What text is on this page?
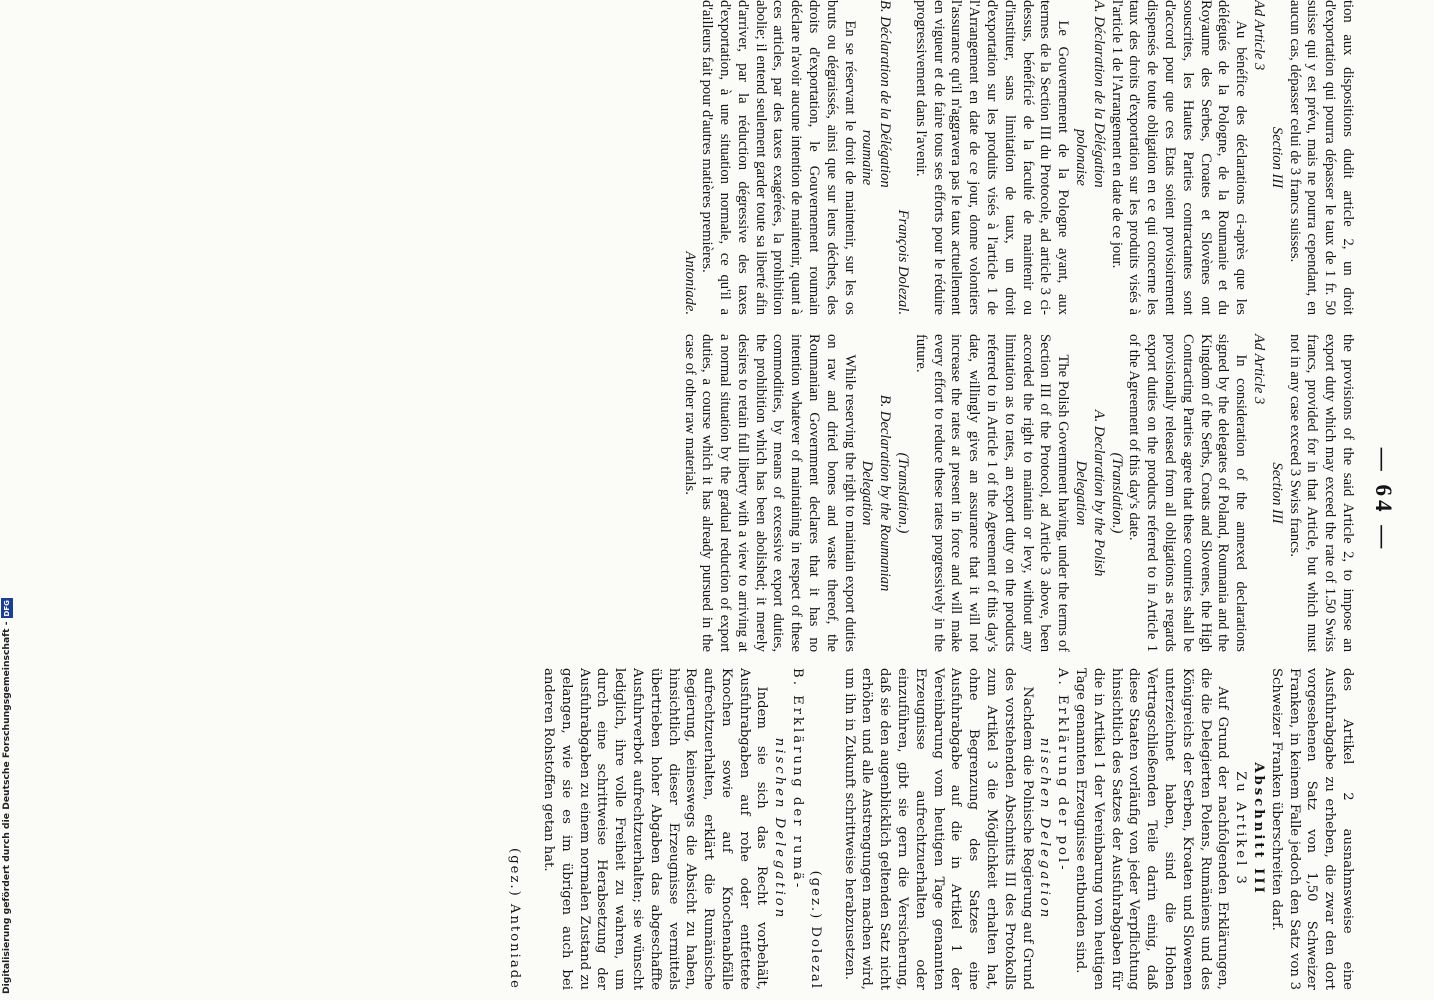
— 64 —

tion aux dispositions dudit article 2, un droit d'exportation qui pourra dépasser le taux de 1 fr. 50 suisse qui y est prévu, mais ne pourra cependant, en aucun cas, dépasser celui de 3 francs suisses.

Section III

Ad Article 3

Au bénéfice des déclarations ci-après que les délégués de la Pologne, de la Roumanie et du Royaume des Serbes, Croates et Slovènes ont souscrites, les Hautes Parties contractantes sont d'accord pour que ces Etats soient provisoirement dispensés de toute obligation en ce qui concerne les taux des droits d'exportation sur les produits visés à l'article 1 de l'Arrangement en date de ce jour.

A. Déclaration de la Délégation

polonaise

Le Gouvernement de la Pologne ayant, aux termes de la Section III du Protocole, ad article 3 ci-dessus, bénéficié de la faculté de maintenir ou d'instituer, sans limitation de taux, un droit d'exportation sur les produits visés à l'article 1 de l'Arrangement en date de ce jour, donne volontiers l'assurance qu'il n'aggravera pas le taux actuellement en vigueur et de faire tous ses efforts pour le réduire progressivement dans l'avenir.

François Dolezal.

B. Déclaration de la Délégation

roumaine

En se réservant le droit de maintenir, sur les os bruts ou dégraissés, ainsi que sur leurs déchets, des droits d'exportation, le Gouvernement roumain déclare n'avoir aucune intention de maintenir, quant à ces articles, par des taxes exagérées, la prohibition abolie; il entend seulement garder toute sa liberté afin d'arriver, par la réduction dégressive des taxes d'exportation, à une situation normale, ce qu'il a d'ailleurs fait pour d'autres matières premières.

Antoniade.

the provisions of the said Article 2, to impose an export duty which may exceed the rate of 1.50 Swiss francs, provided for in that Article, but which must not in any case exceed 3 Swiss francs.

Section III

Ad Article 3

In consideration of the annexed declarations signed by the delegates of Poland, Roumania and the Kingdom of the Serbs, Croats and Slovenes, the High Contracting Parties agree that these countries shall be provisionally released from all obligations as regards export duties on the products referred to in Article 1 of the Agreement of this day's date.

(Translation.)

A. Declaration by the Polish

Delegation

The Polish Government having, under the terms of Section III of the Protocol, ad Article 3 above, been accorded the right to maintain or levy, without any limitation as to rates, an export duty on the products referred to in Article 1 of the Agreement of this day's date, willingly gives an assurance that it will not increase the rates at present in force and will make every effort to reduce these rates progressively in the future.

(Translation.)

B. Declaration by the Roumanian

Delegation

While reserving the right to maintain export duties on raw and dried bones and waste thereof, the Roumanian Government declares that it has no intention whatever of maintaining in respect of these commodities, by means of excessive export duties, the prohibition which has been abolished; it merely desires to retain full liberty with a view to arriving at a normal situation by the gradual reduction of export duties, a course which it has already pursued in the case of other raw materials.

des Artikel 2 ausnahmsweise eine Ausfuhrabgabe zu erheben, die zwar den dort vorgesehenen Satz von 1,50 Schweizer Franken, in keinem Falle jedoch den Satz von 3 Schweizer Franken überschreiten darf.

Abschnitt III

Zu Artikel 3

Auf Grund der nachfolgenden Erklärungen, die die Delegierten Polens, Rumäniens und des Königreichs der Serben, Kroaten und Slowenen unterzeichnet haben, sind die Hohen Vertragschließenden Teile darin einig, daß diese Staaten vorläufig von jeder Verpflichtung hinsichtlich des Satzes der Ausfuhrabgaben für die in Artikel 1 der Vereinbarung vom heutigen Tage genannten Erzeugnisse entbunden sind.

A. Erklärung der pol-

nischen Delegation

Nachdem die Polnische Regierung auf Grund des vorstehenden Abschnitts III des Protokolls zum Artikel 3 die Möglichkeit erhalten hat, ohne Begrenzung des Satzes eine Ausfuhrabgabe auf die in Artikel 1 der Vereinbarung vom heutigen Tage genannten Erzeugnisse aufrechtzuerhalten oder einzuführen, gibt sie gern die Versicherung, daß sie den augenblicklich geltenden Satz nicht erhöhen und alle Anstrengungen machen wird, um ihn in Zukunft schrittweise herabzusetzen.

(gez.) Dolezal

B. Erklärung der rumä-

nischen Delegation

Indem sie sich das Recht vorbehält, Ausfuhrabgaben auf rohe oder entfettete Knochen sowie auf Knochenabfälle aufrechtzuerhalten, erklärt die Rumänische Regierung, keineswegs die Absicht zu haben, hinsichtlich dieser Erzeugnisse vermittels übertrieben hoher Abgaben das abgeschaffte Ausfuhrverbot aufrechtzuerhalten; sie wünscht lediglich, ihre volle Freiheit zu wahren, um durch eine schrittweise Herabsetzung der Ausfuhrabgaben zu einem normalen Zustand zu gelangen, wie sie es im übrigen auch bei anderen Rohstoffen getan hat.

(gez.) Antoniade

Digitalisierung gefördert durch die Deutsche Forschungsgemeinschaft -DFG
